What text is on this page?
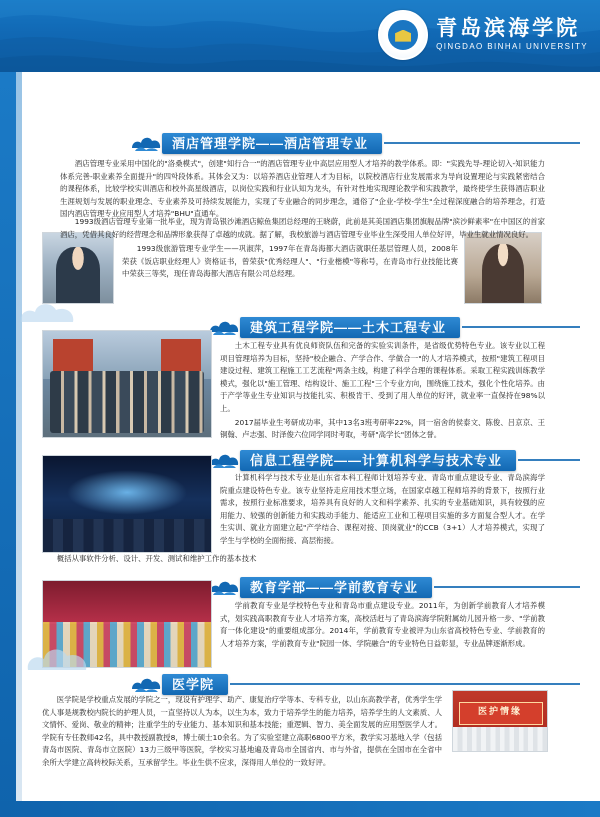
青岛滨海学院
QINGDAO BINHAI UNIVERSITY
酒店管理学院——酒店管理专业

酒店管理专业采用中国化的"洛桑模式"，创建"知行合一"的酒店管理专业中高层应用型人才培养的教学体系。即："实践先导-理论切入-知识能力体系完善-职业素养全面提升"的四학段体系。其体会又为：以培养酒店业管理人才为目标，以院校酒店行业发展需求为导向设置理论与实践紧密结合的课程体系，比较学校实训酒店和校外高星级酒店，以岗位实践和行业认知为龙头，有针对性地实现理论教学和实践教学，最终使学生获得酒店职业生涯规划与发展的职业理念、专业素养及可持续发展能力，实现了专业融合的同步理念，通俗了"企业-学校-学生"全过程深度融合的培养理念，打造国内酒店管理专业应用型人才培养"BHU"直通车。

1993级酒店管理专业第一批毕业，现为青岛银沙滩酒店鲸鱼集团总经理的王晓蔚，此前是其美国酒店集团旗舰品牌"滨沙鲜素率"在中国区的首家酒店，凭借其良好的经营理念和品牌形象获得了卓越的成就。据了解，我校旅游与酒店管理专业毕业生深受用人单位好评，毕业生就业情况良好。

1993级旅游管理专业学生——巩淑萍，1997年在青岛海都大酒店就职任基层管理人员，2008年荣获《饭店职业经理人》资格证书，曾荣获"优秀经理人"、"行业楷模"等称号，在青岛市行业技能比赛中荣获三等奖，现任青岛海都大酒店有限公司总经理。

建筑工程学院——土木工程专业

土木工程专业具有优良师资队伍和完备的实验实训条件，是省级优势特色专业。该专业以工程项目管理培养为目标，坚持"校企融合、产学合作、学做合一"的人才培养模式，按照"建筑工程项目建设过程、建筑工程施工工艺流程"两条主线，构建了科学合理的课程体系。采取工程实践训练教学模式，强化以"施工管理、结构设计、施工工程"三个专业方向，围绕施工技术，强化个性化培养。由于产学等业生专业知识与技能扎实、积极肯干、受到了用人单位的好评，就业率一直保持在98%以上。

2017届毕业生考研成功率，其中13名3班考研率22%，同一宿舍的侯泰文、陈俊、吕京京、王铜翰、卢志强、时泽俊六位同学同时考取，考研"高学长"团体之誉。

信息工程学院——计算机科学与技术专业

计算机科学与技术专业是山东省本科工程师计划培养专业、青岛市重点建设专业、青岛滨海学院重点建设特色专业。该专业坚持走应用技术型立场，在国家卓越工程师培养的背景下，按照行业需求，按照行业标准要求，培养具有良好的人文和科学素养、扎实的专业基础知识，具有较强的应用能力、较强的创新能力和实践动手能力、能适应工业和工程项目实施的多方面复合型人才。在学生实训、就业方面建立起"产学结合、课程对接、顶岗就业"的CCB（3+1）人才培养模式，实现了学生与学校的全面衔接、高层衔接。

概括从事软件分析、设计、开发、测试和维护工作的基本技术

教育学部——学前教育专业

学前教育专业是学校特色专业和青岛市重点建设专业。2011年，为创新学前教育人才培养模式，划实践高职教育专业人才培养方案，高校活赶与了青岛滨海学院附属幼儿园升格一步、"学前教育一体化建设"的重要组成部分。2014年，学前教育专业被评为山东省高校特色专业、学前教育的人才培养方案，学前教育专业"院园一体、学院融合"的专业特色日益彰显，专业品牌逐渐形成。

医学院
医护情缘

医学院是学校重点发展的学院之一，现设有护理学、助产、康复治疗学等本、专科专业，以山东高教学者，优秀学生学优人事是规教校内院长的护理人员，一直坚持以人为本，以生为本，致力于培养学生的能力培养，培养学生的人文素质、人文情怀、爱岗、敬业的精神；注重学生的专业能力、基本知识和基本技能；重逻辑、智力、美全面发展的应用型医学人才。学院有专任教师42名，具中教授副教授8，博士硕士10余名。为了实验室建立高职6800平方米，教学实习基地入学（包括青岛市医院、青岛市立医院）13力三级甲等医院，学校实习基地遍及青岛市全国省内、市与外省，提供在全国市在全省中余所大学建立高转校际关系，互承留学生。毕业生供不应求，深得用人单位的一致好评。
